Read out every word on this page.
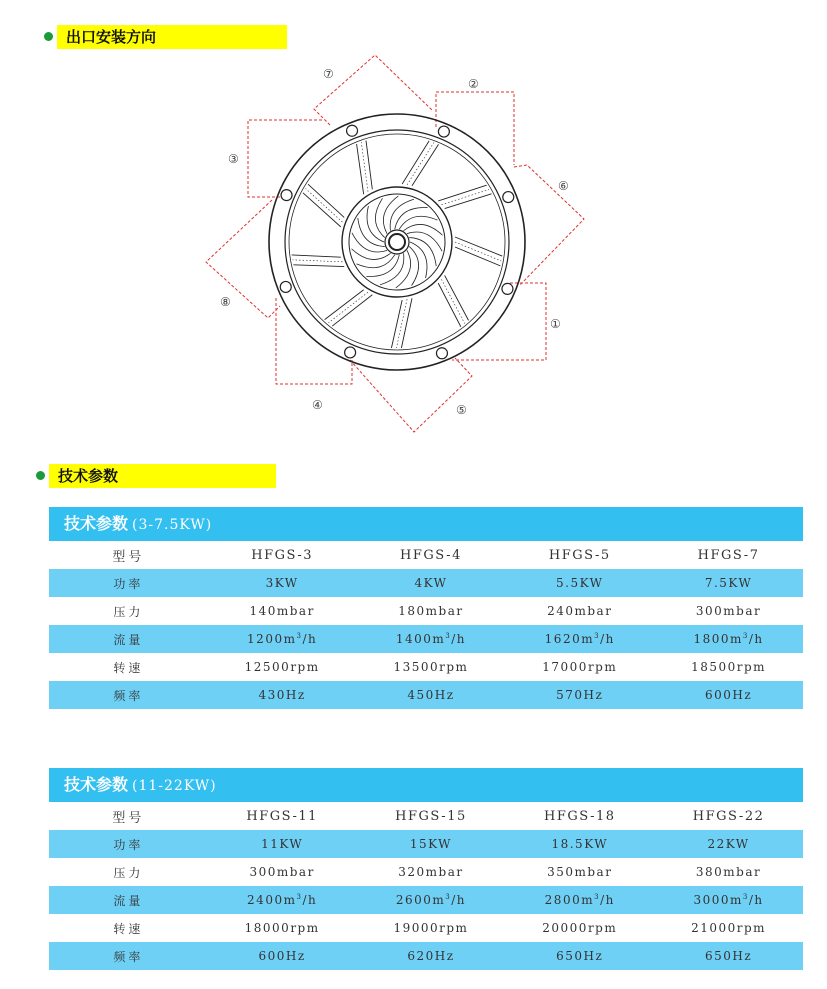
出口安装方向
①
②
③
④	⑤
⑥
⑦
⑧
技术参数
技术参数 (3-7.5KW)
型号	HFGS-3	HFGS-4	HFGS-5	HFGS-7
功率	3KW	4KW	5.5KW	7.5KW
压力	140mbar	180mbar	240mbar	300mbar
流量	$1200m^3/h$	$1400m^3/h$	$1620m^3/h$	$1800m^3/h$
转速	12500rpm	13500rpm	17000rpm	18500rpm
频率	430Hz	450Hz	570Hz	600Hz
技术参数 (11-22KW)
型号	HFGS-11	HFGS-15	HFGS-18	HFGS-22
功率	11KW	15KW	18.5KW	22KW
压力	300mbar	320mbar	350mbar	380mbar
流量	$2400m^3/h$	$2600m^3/h$	$2800m^3/h$	$3000m^3/h$
转速	18000rpm	19000rpm	20000rpm	21000rpm
频率	600Hz	620Hz	650Hz	650Hz
